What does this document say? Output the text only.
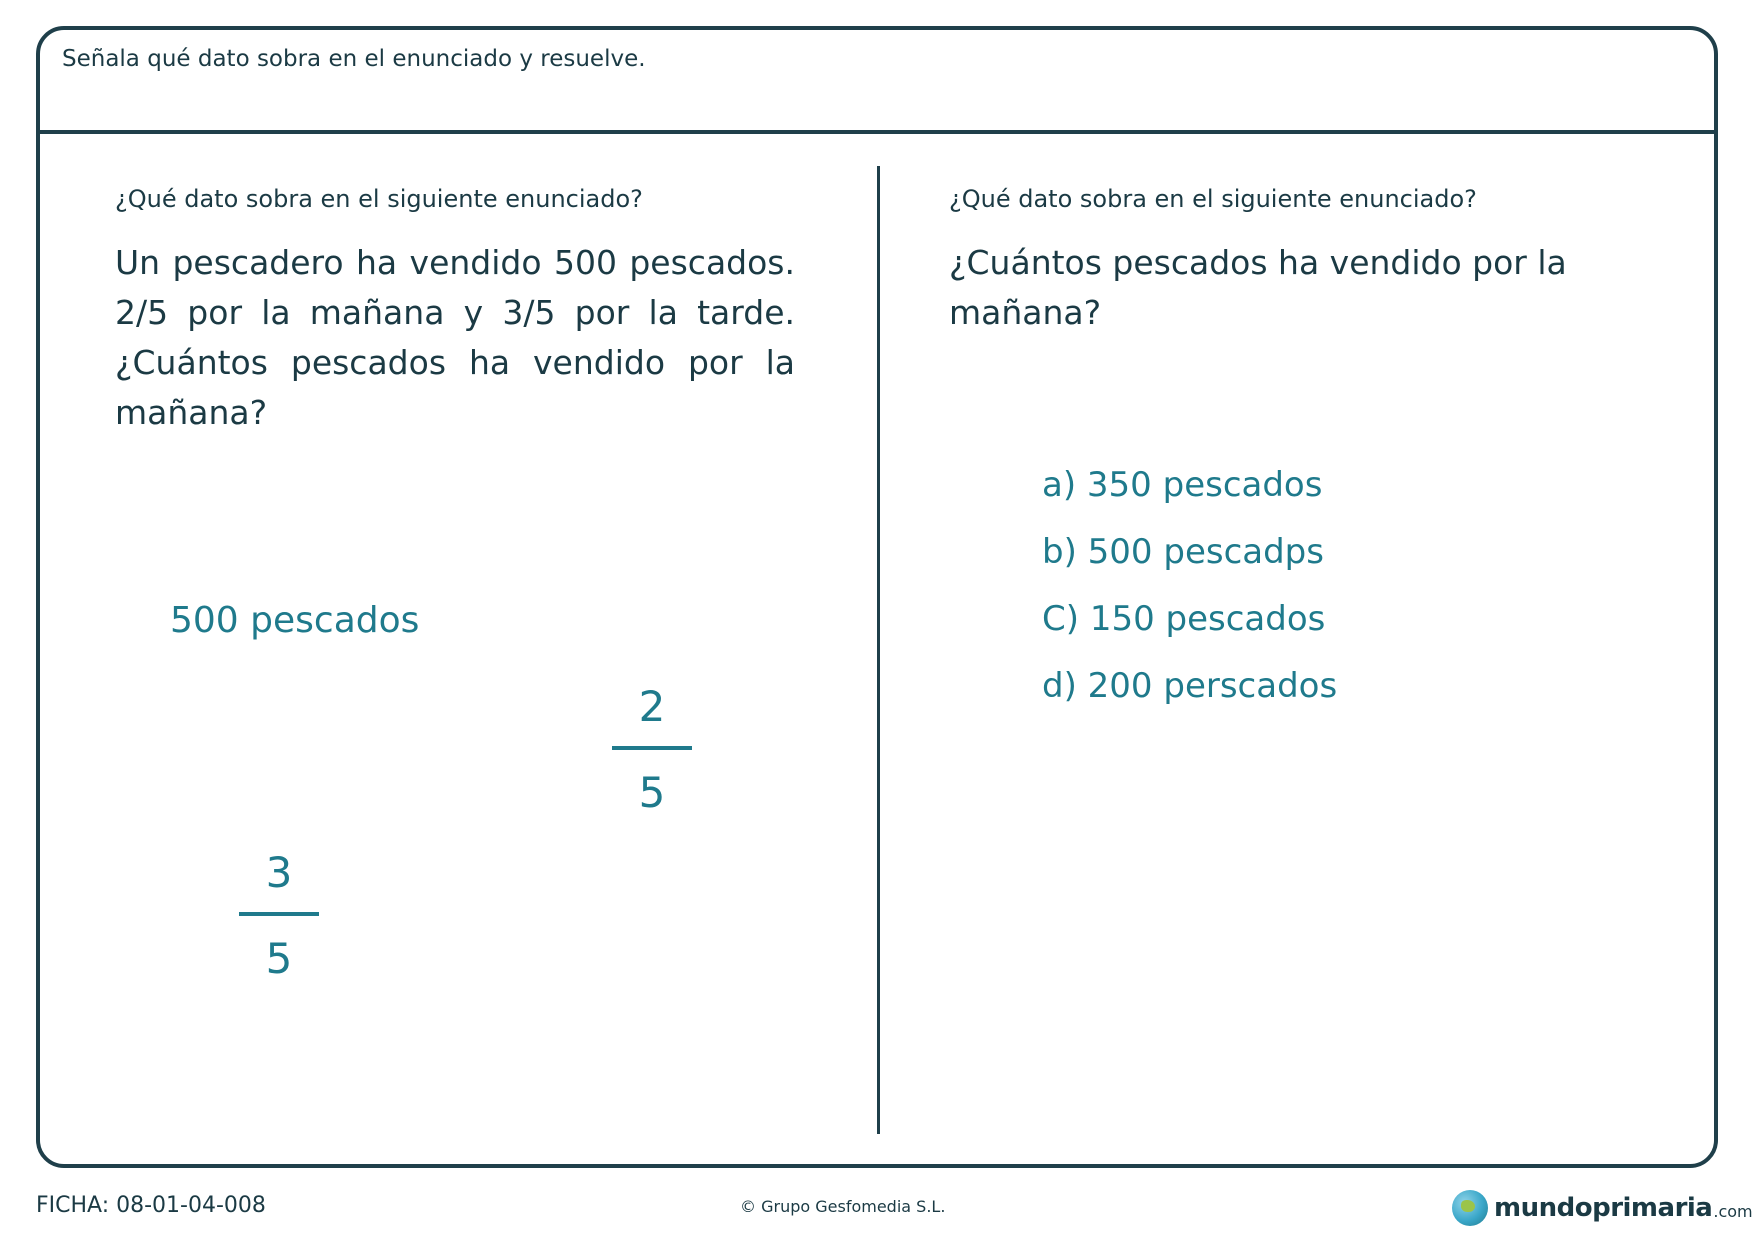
Señala qué dato sobra en el enunciado y resuelve.
¿Qué dato sobra en el siguiente enunciado?
Un pescadero ha vendido 500 pescados. 2/5 por la mañana y 3/5 por la tarde. ¿Cuántos pescados ha vendido por la mañana?
500 pescados
2
5
3
5
¿Qué dato sobra en el siguiente enunciado?
¿Cuántos pescados ha vendido por la mañana?
a) 350 pescados
b) 500 pescadps
C) 150 pescados
d) 200 perscados
FICHA: 08-01-04-008	© Grupo Gesfomedia S.L.	mundoprimaria .com
